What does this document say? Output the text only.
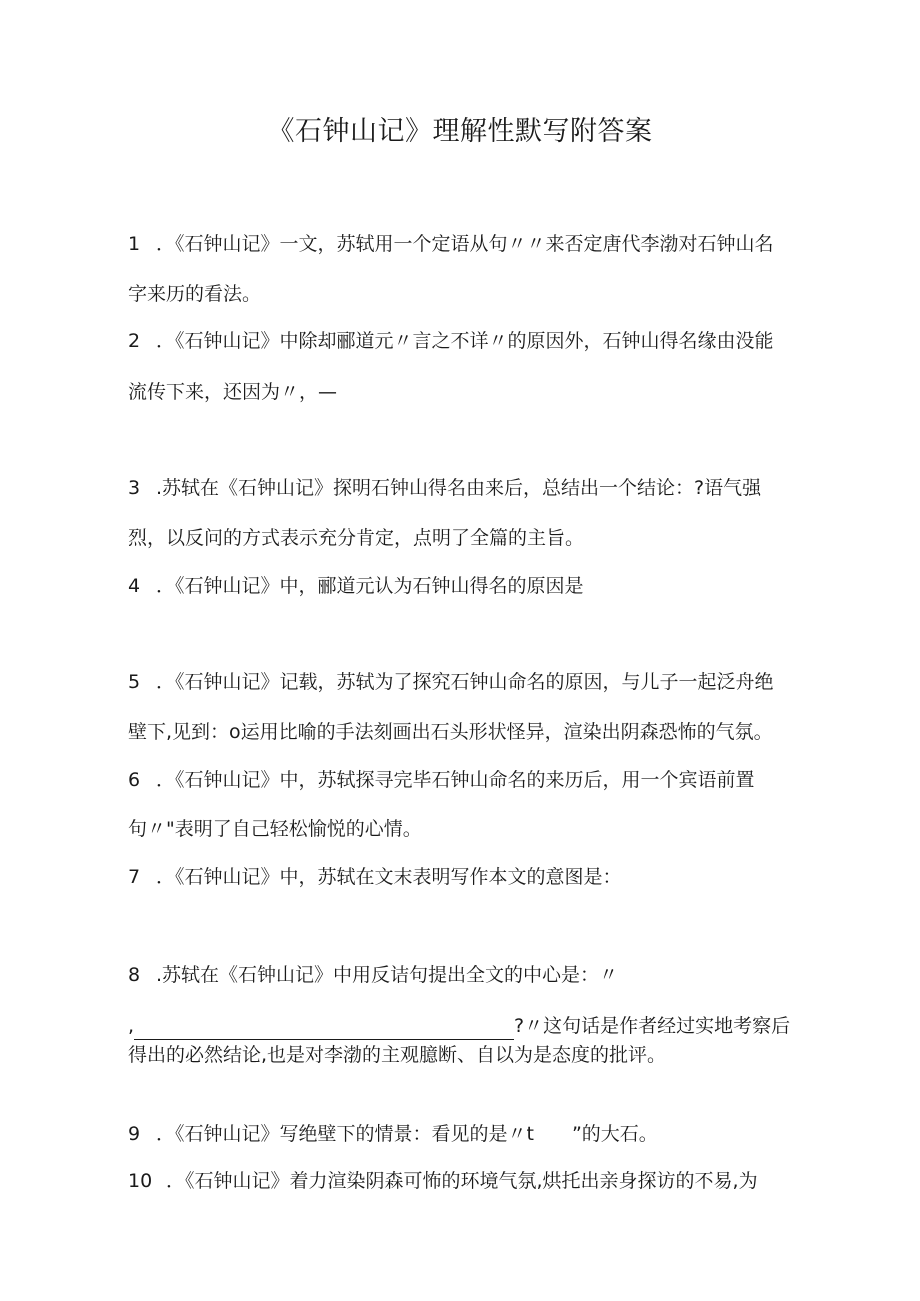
《石钟山记》理解性默写附答案

1 ．《石钟山记》一文，苏轼用一个定语从句〃〃来否定唐代李渤对石钟山名

字来历的看法。

2 ．《石钟山记》中除却郦道元〃言之不详〃的原因外，石钟山得名缘由没能

流传下来，还因为〃，—

3 .苏轼在《石钟山记》探明石钟山得名由来后，总结出一个结论：?语气强

烈，以反问的方式表示充分肯定，点明了全篇的主旨。

4 ．《石钟山记》中，郦道元认为石钟山得名的原因是

5 ．《石钟山记》记载，苏轼为了探究石钟山命名的原因，与儿子一起泛舟绝

壁下,见到：o运用比喻的手法刻画出石头形状怪异，渲染出阴森恐怖的气氛。

6 ．《石钟山记》中，苏轼探寻完毕石钟山命名的来历后，用一个宾语前置

句〃"表明了自己轻松愉悦的心情。

7 ．《石钟山记》中，苏轼在文末表明写作本文的意图是：

8 .苏轼在《石钟山记》中用反诘句提出全文的中心是：〃

,	?〃这句话是作者经过实地考察后

得出的必然结论,也是对李渤的主观臆断、自以为是态度的批评。

9 ．《石钟山记》写绝壁下的情景：看见的是〃t　　”的大石。

10 ．《石钟山记》着力渲染阴森可怖的环境气氛,烘托出亲身探访的不易,为
